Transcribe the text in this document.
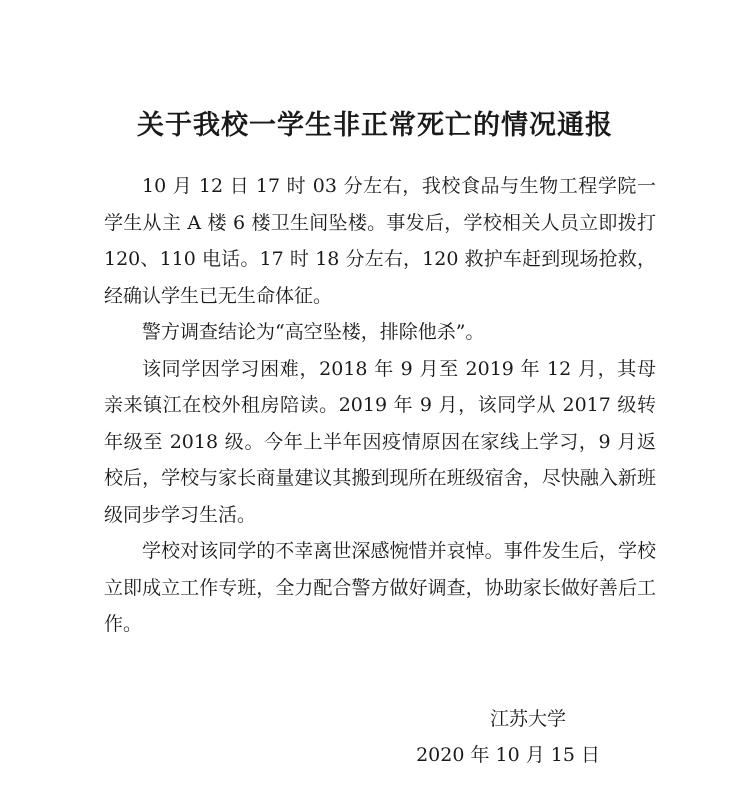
关于我校一学生非正常死亡的情况通报

10 月 12 日 17 时 03 分左右，我校食品与生物工程学院一学生从主 A 楼 6 楼卫生间坠楼。事发后，学校相关人员立即拨打 120、110 电话。17 时 18 分左右，120 救护车赶到现场抢救，经确认学生已无生命体征。

警方调查结论为“高空坠楼，排除他杀”。

该同学因学习困难，2018 年 9 月至 2019 年 12 月，其母亲来镇江在校外租房陪读。2019 年 9 月，该同学从 2017 级转年级至 2018 级。今年上半年因疫情原因在家线上学习，9 月返校后，学校与家长商量建议其搬到现所在班级宿舍，尽快融入新班级同步学习生活。

学校对该同学的不幸离世深感惋惜并哀悼。事件发生后，学校立即成立工作专班，全力配合警方做好调查，协助家长做好善后工作。

江苏大学
2020 年 10 月 15 日
